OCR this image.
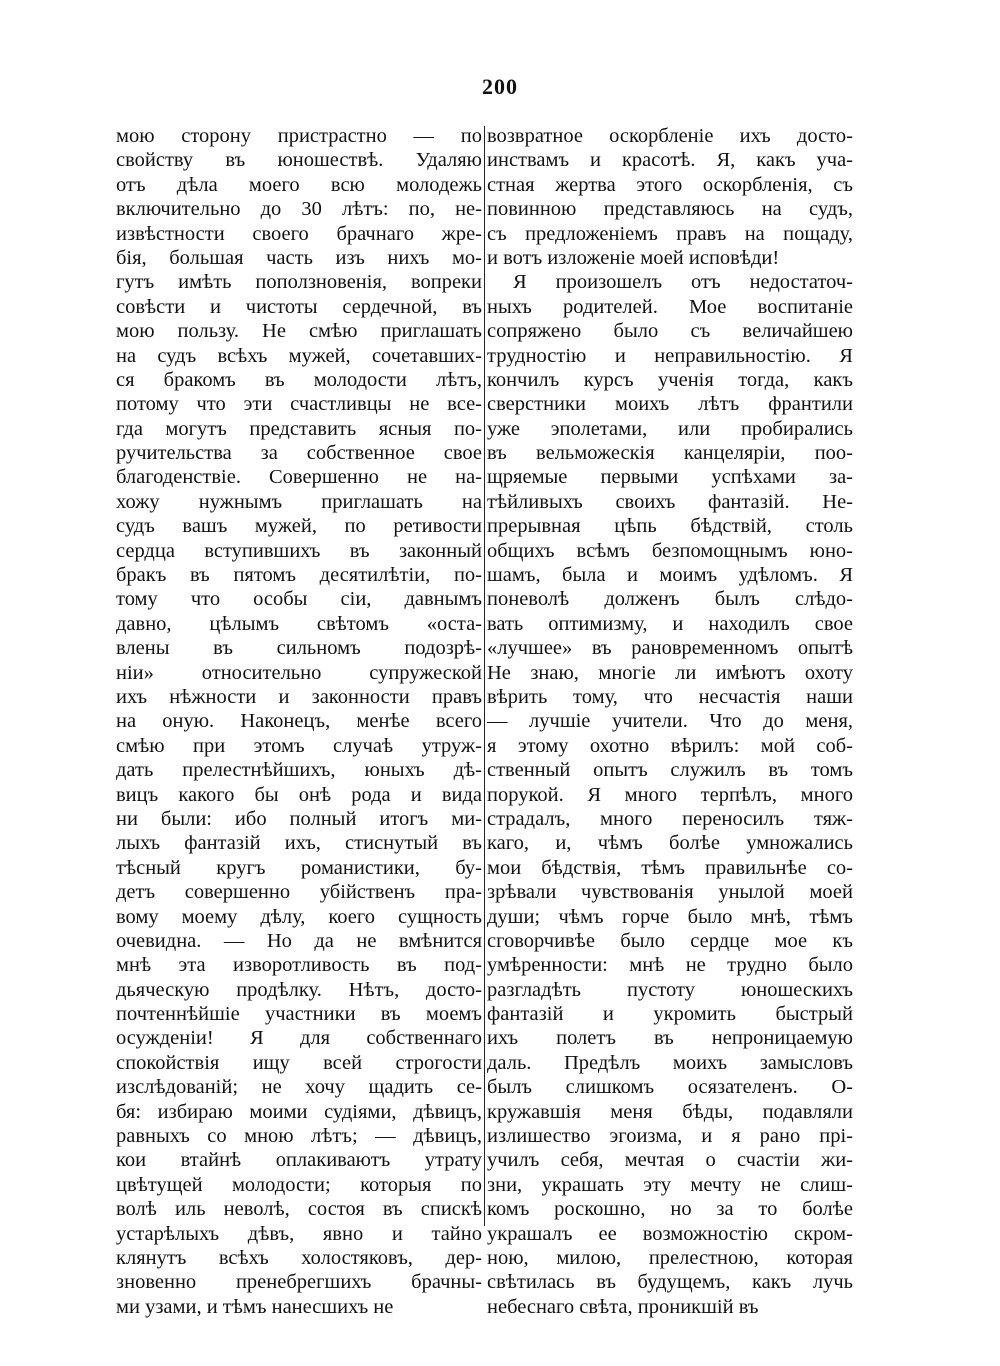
200
мою сторону пристрастно — по
свойству въ юношествѣ. Удаляю
отъ дѣла моего всю молодежь
включительно до 30 лѣтъ: по, не-
извѣстности своего брачнаго жре-
бія, большая часть изъ нихъ мо-
гутъ имѣть поползновенія, вопреки
совѣсти и чистоты сердечной, въ
мою пользу. Не смѣю приглашать
на судъ всѣхъ мужей, сочетавших-
ся бракомъ въ молодости лѣтъ,
потому что эти счастливцы не все-
гда могутъ представить ясныя по-
ручительства за собственное свое
благоденствіе. Совершенно не на-
хожу нужнымъ приглашать на
судъ вашъ мужей, по ретивости
сердца вступившихъ въ законный
бракъ въ пятомъ десятилѣтіи, по-
тому что особы сіи, давнымъ
давно, цѣлымъ свѣтомъ «оста-
влены въ сильномъ подозрѣ-
ніи» относительно супружеской
ихъ нѣжности и законности правъ
на оную. Наконецъ, менѣе всего
смѣю при этомъ случаѣ утруж-
дать прелестнѣйшихъ, юныхъ дѣ-
вицъ какого бы онѣ рода и вида
ни были: ибо полный итогъ ми-
лыхъ фантазій ихъ, стиснутый въ
тѣсный кругъ романистики, бу-
детъ совершенно убійственъ пра-
вому моему дѣлу, коего сущность
очевидна. — Но да не вмѣнится
мнѣ эта изворотливость въ под-
дьяческую продѣлку. Нѣтъ, досто-
почтеннѣйшіе участники въ моемъ
осужденіи! Я для собственнаго
спокойствія ищу всей строгости
изслѣдованій; не хочу щадить се-
бя: избираю моими судіями, дѣвицъ,
равныхъ со мною лѣтъ; — дѣвицъ,
кои втайнѣ оплакиваютъ утрату
цвѣтущей молодости; которыя по
волѣ иль неволѣ, состоя въ спискѣ
устарѣлыхъ дѣвъ, явно и тайно
клянутъ всѣхъ холостяковъ, дер-
зновенно пренебрегшихъ брачны-
ми узами, и тѣмъ нанесшихъ не
возвратное оскорбленіе ихъ досто-
инствамъ и красотѣ. Я, какъ уча-
стная жертва этого оскорбленія, съ
повинною представляюсь на судъ,
съ предложеніемъ правъ на пощаду,
и вотъ изложеніе моей исповѣди!
Я произошелъ отъ недостаточ-
ныхъ родителей. Мое воспитаніе
сопряжено было съ величайшею
трудностію и неправильностію. Я
кончилъ курсъ ученія тогда, какъ
сверстники моихъ лѣтъ франтили
уже эполетами, или пробирались
въ вельможескія канцеляріи, поо-
щряемые первыми успѣхами за-
тѣйливыхъ своихъ фантазій. Не-
прерывная цѣпь бѣдствій, столь
общихъ всѣмъ безпомощнымъ юно-
шамъ, была и моимъ удѣломъ. Я
поневолѣ долженъ былъ слѣдо-
вать оптимизму, и находилъ свое
«лучшее» въ рановременномъ опытѣ
Не знаю, многіе ли имѣютъ охоту
вѣрить тому, что несчастія наши
— лучшіе учители. Что до меня,
я этому охотно вѣрилъ: мой соб-
ственный опытъ служилъ въ томъ
порукой. Я много терпѣлъ, много
страдалъ, много переносилъ тяж-
каго, и, чѣмъ болѣе умножались
мои бѣдствія, тѣмъ правильнѣе со-
зрѣвали чувствованія унылой моей
души; чѣмъ горче было мнѣ, тѣмъ
сговорчивѣе было сердце мое къ
умѣренности: мнѣ не трудно было
разгладѣть пустоту юношескихъ
фантазій и укромить быстрый
ихъ полетъ въ непроницаемую
даль. Предѣлъ моихъ замысловъ
былъ слишкомъ осязателенъ. О-
кружавшія меня бѣды, подавляли
излишество эгоизма, и я рано прі-
училъ себя, мечтая о счастіи жи-
зни, украшать эту мечту не слиш-
комъ роскошно, но за то болѣе
украшалъ ее возможностію скром-
ною, милою, прелестною, которая
свѣтилась въ будущемъ, какъ лучь
небеснаго свѣта, проникшій въ
